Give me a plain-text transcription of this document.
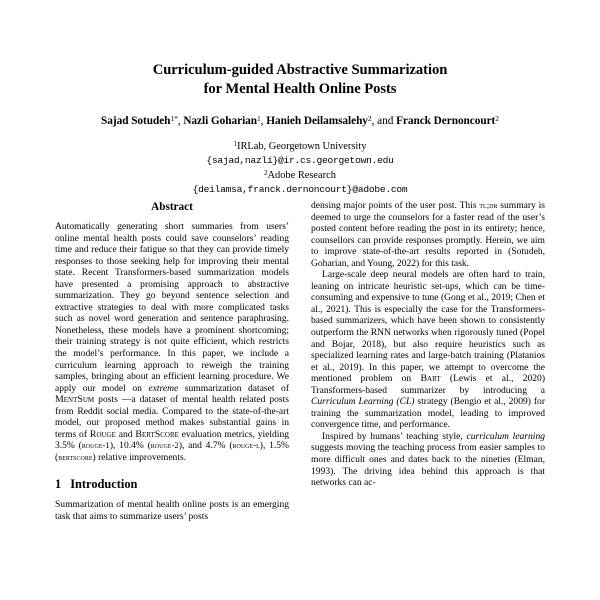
Curriculum-guided Abstractive Summarization
for Mental Health Online Posts
Sajad Sotudeh$^{1*}$, Nazli Goharian$^1$, Hanieh Deilamsalehy$^2$, and Franck Dernoncourt$^2$
$^1$IRLab, Georgetown University
{sajad,nazli}@ir.cs.georgetown.edu
$^2$Adobe Research
{deilamsa,franck.dernoncourt}@adobe.com
Abstract

Automatically generating short summaries from users’ online mental health posts could save counselors’ reading time and reduce their fatigue so that they can provide timely responses to those seeking help for improving their mental state. Recent Transformers-based summarization models have presented a promising approach to abstractive summarization. They go beyond sentence selection and extractive strategies to deal with more complicated tasks such as novel word generation and sentence paraphrasing. Nonetheless, these models have a prominent shortcoming; their training strategy is not quite efficient, which restricts the model’s performance. In this paper, we include a curriculum learning approach to reweigh the training samples, bringing about an efficient learning procedure. We apply our model on extreme summarization dataset of MentSum posts —a dataset of mental health related posts from Reddit social media. Compared to the state-of-the-art model, our proposed method makes substantial gains in terms of Rouge and BertScore evaluation metrics, yielding 3.5% (rouge-1), 10.4% (rouge-2), and 4.7% (rouge-l), 1.5% (bertscore) relative improvements.

1 Introduction

Summarization of mental health online posts is an emerging task that aims to summarize users’ posts

densing major points of the user post. This tl;dr summary is deemed to urge the counselors for a faster read of the user’s posted content before reading the post in its entirety; hence, counsellors can provide responses promptly. Herein, we aim to improve state-of-the-art results reported in (Sotudeh, Goharian, and Young, 2022) for this task.

Large-scale deep neural models are often hard to train, leaning on intricate heuristic set-ups, which can be time-consuming and expensive to tune (Gong et al., 2019; Chen et al., 2021). This is especially the case for the Transformers-based summarizers, which have been shown to consistently outperform the RNN networks when rigorously tuned (Popel and Bojar, 2018), but also require heuristics such as specialized learning rates and large-batch training (Platanios et al., 2019). In this paper, we attempt to overcome the mentioned problem on Bart (Lewis et al., 2020) Transformers-based summarizer by introducing a Curriculum Learning (CL) strategy (Bengio et al., 2009) for training the summarization model, leading to improved convergence time, and performance.

Inspired by humans’ teaching style, curriculum learning suggests moving the teaching process from easier samples to more difficult ones and dates back to the nineties (Elman, 1993). The driving idea behind this approach is that networks can ac-
